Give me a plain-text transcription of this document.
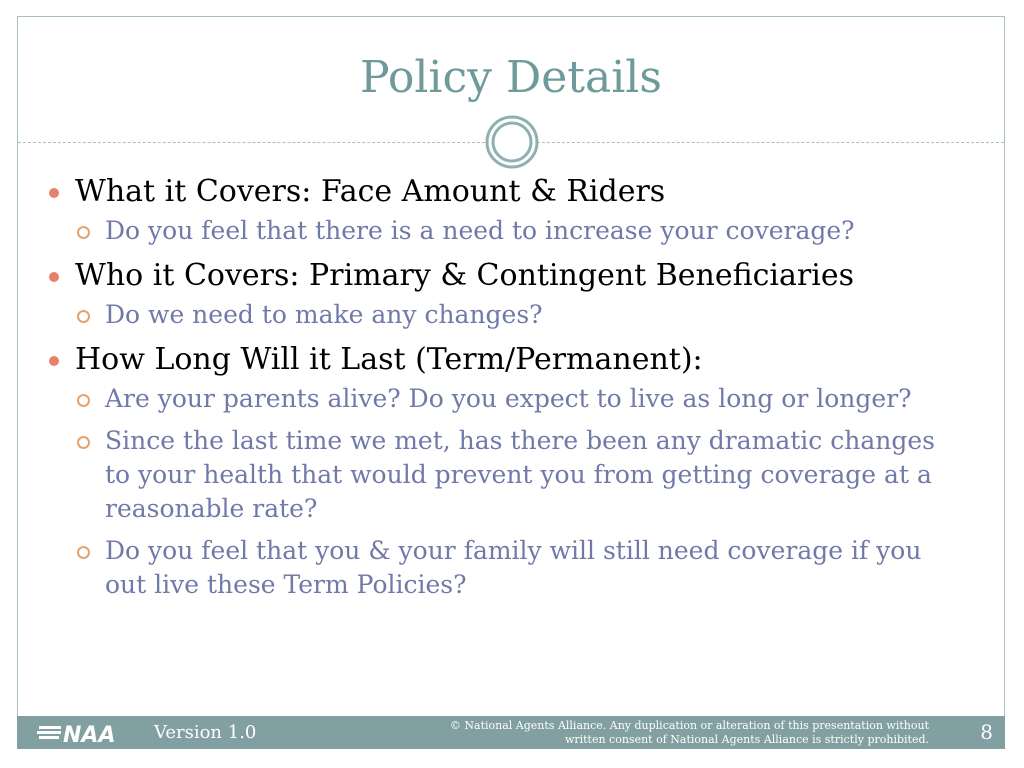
Policy Details
What it Covers: Face Amount & Riders
Do you feel that there is a need to increase your coverage?
Who it Covers: Primary & Contingent Beneficiaries
Do we need to make any changes?
How Long Will it Last (Term/Permanent):
Are your parents alive? Do you expect to live as long or longer?
Since the last time we met, has there been any dramatic changes to your health that would prevent you from getting coverage at a reasonable rate?
Do you feel that you & your family will still need coverage if you out live these Term Policies?
NAA Version 1.0	© National Agents Alliance. Any duplication or alteration of this presentation without
written consent of National Agents Alliance is strictly prohibited.	8
